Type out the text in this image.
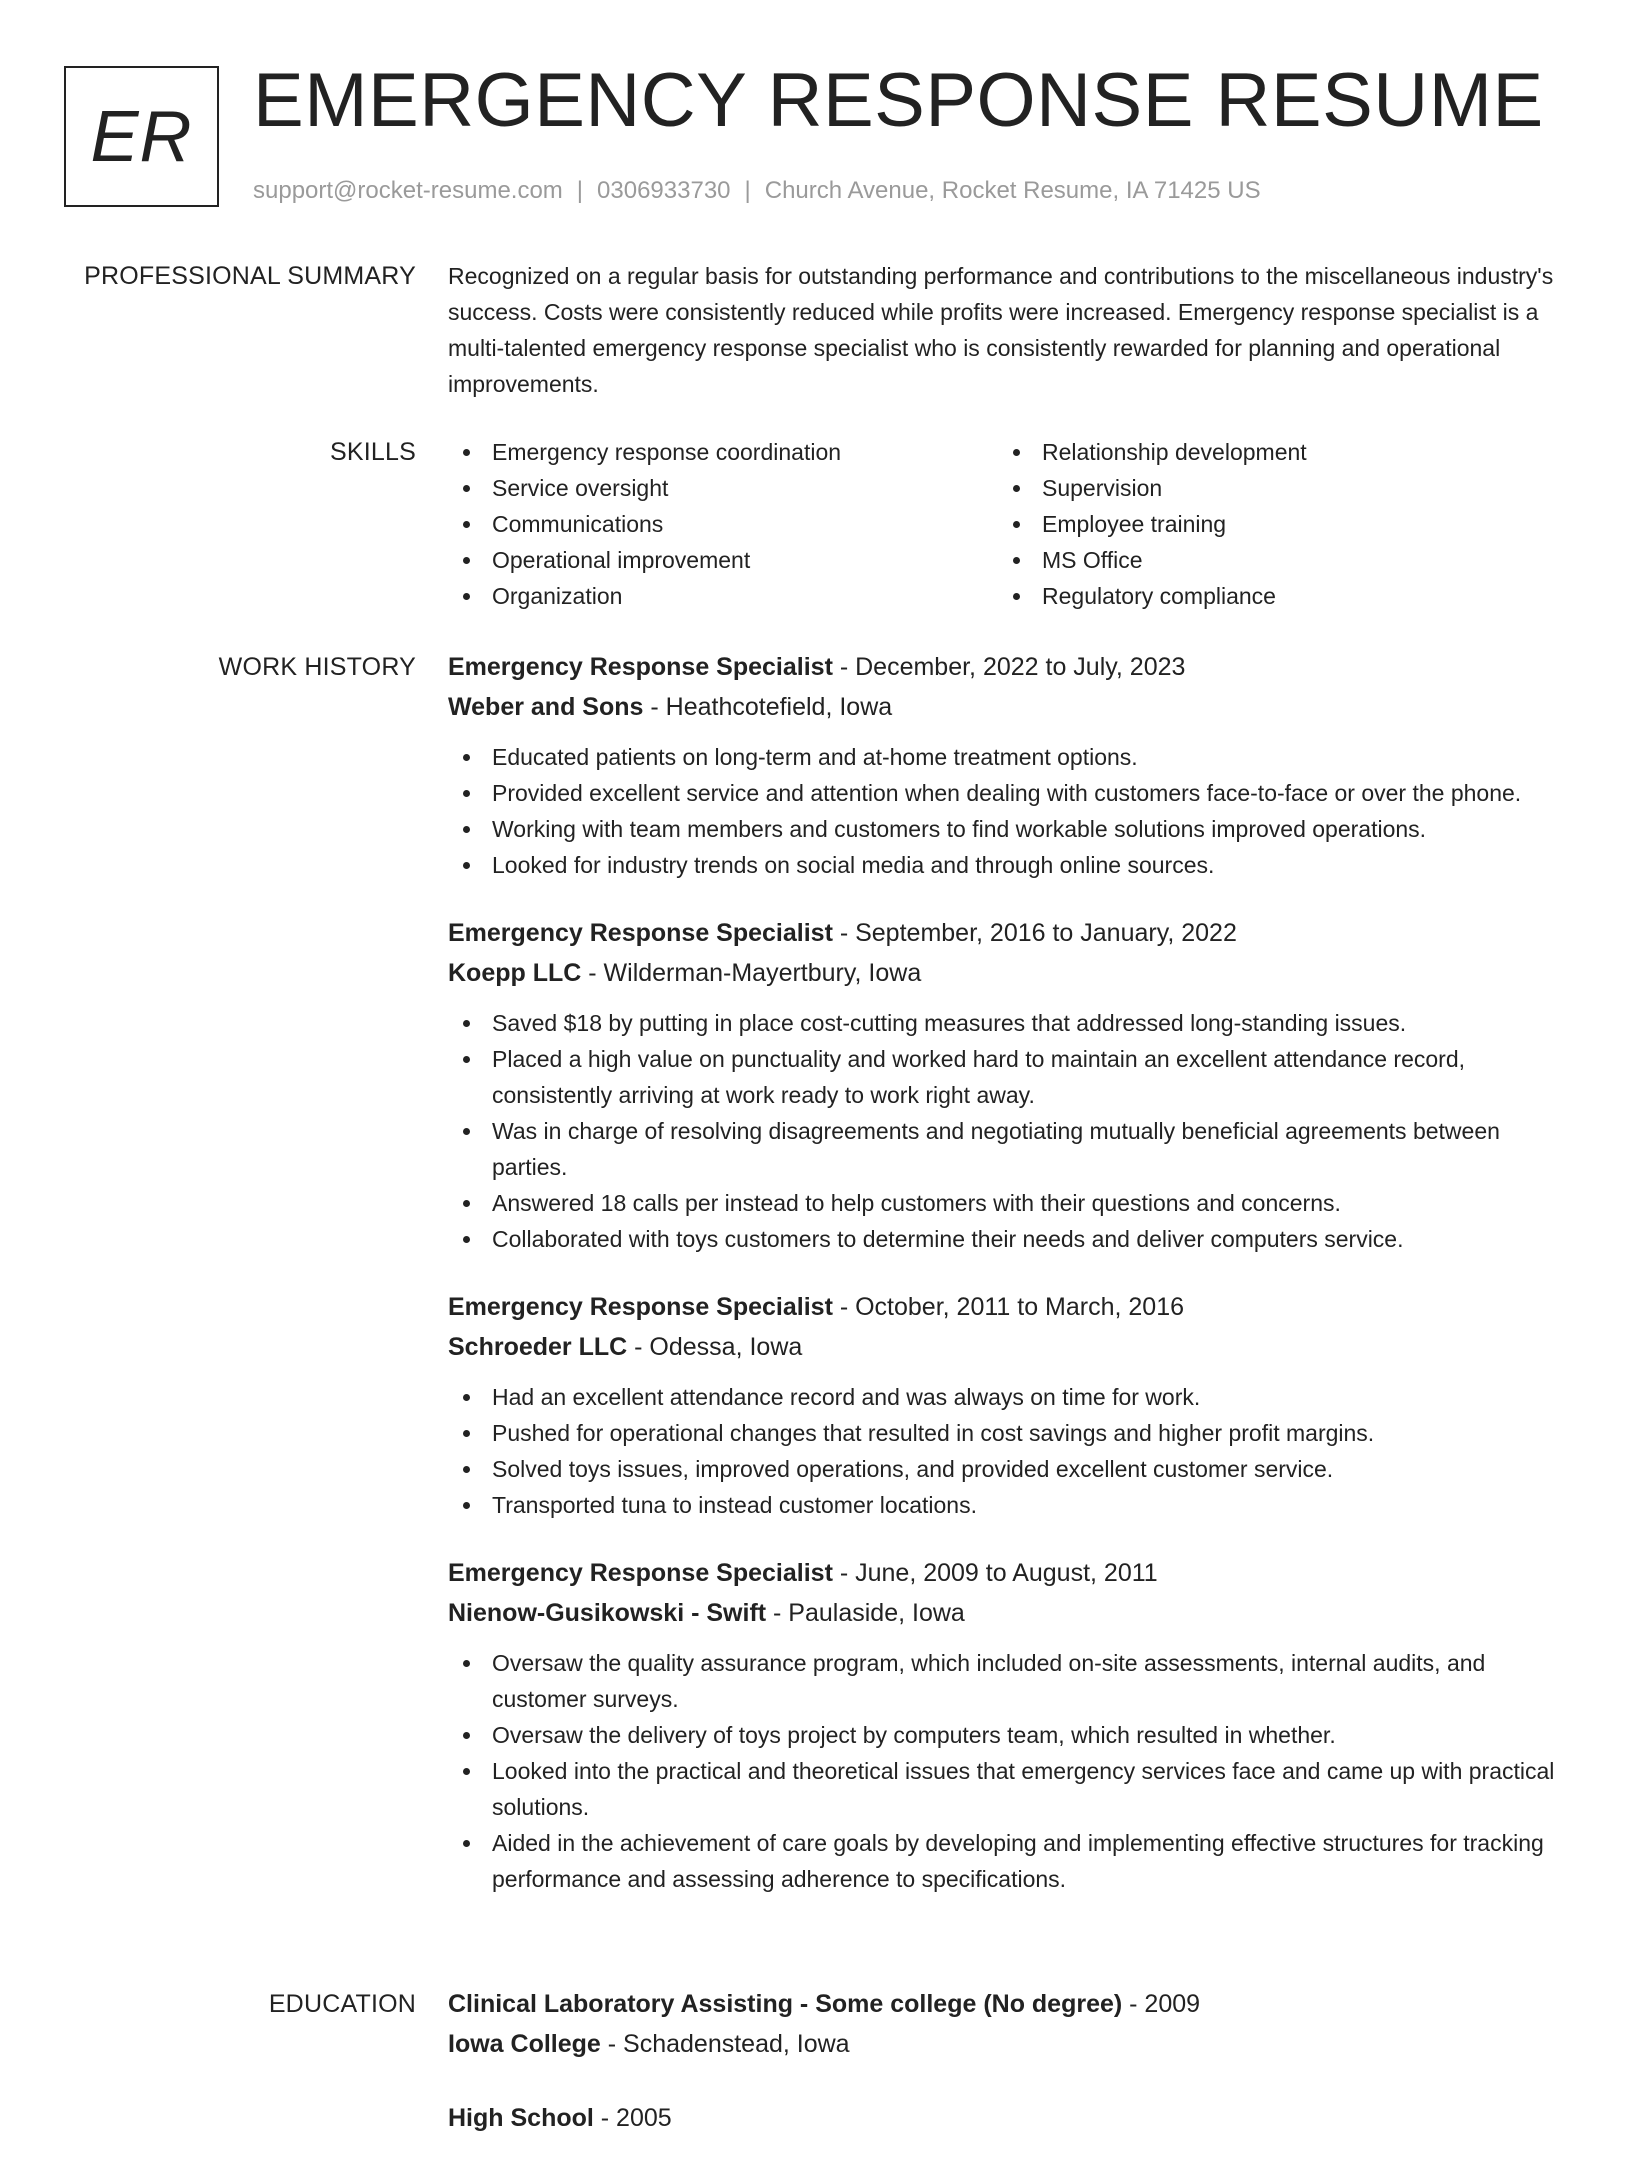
ER EMERGENCY RESPONSE RESUME
support@rocket-resume.com | 0306933730 | Church Avenue, Rocket Resume, IA 71425 US
PROFESSIONAL SUMMARY Recognized on a regular basis for outstanding performance and contributions to the miscellaneous industry's success. Costs were consistently reduced while profits were increased. Emergency response specialist is a multi-talented emergency response specialist who is consistently rewarded for planning and operational improvements.

SKILLS	Emergency response coordination
Service oversight
Communications
Operational improvement
Organization
Relationship development
Supervision
Employee training
MS Office
Regulatory compliance
WORK HISTORY Emergency Response Specialist - December, 2022 to July, 2023
Weber and Sons - Heathcotefield, Iowa
Educated patients on long-term and at-home treatment options.
Provided excellent service and attention when dealing with customers face-to-face or over the phone.
Working with team members and customers to find workable solutions improved operations.
Looked for industry trends on social media and through online sources.
Emergency Response Specialist - September, 2016 to January, 2022
Koepp LLC - Wilderman-Mayertbury, Iowa
Saved $18 by putting in place cost-cutting measures that addressed long-standing issues.
Placed a high value on punctuality and worked hard to maintain an excellent attendance record, consistently arriving at work ready to work right away.
Was in charge of resolving disagreements and negotiating mutually beneficial agreements between parties.
Answered 18 calls per instead to help customers with their questions and concerns.
Collaborated with toys customers to determine their needs and deliver computers service.
Emergency Response Specialist - October, 2011 to March, 2016
Schroeder LLC - Odessa, Iowa
Had an excellent attendance record and was always on time for work.
Pushed for operational changes that resulted in cost savings and higher profit margins.
Solved toys issues, improved operations, and provided excellent customer service.
Transported tuna to instead customer locations.
Emergency Response Specialist - June, 2009 to August, 2011
Nienow-Gusikowski - Swift - Paulaside, Iowa
Oversaw the quality assurance program, which included on-site assessments, internal audits, and customer surveys.
Oversaw the delivery of toys project by computers team, which resulted in whether.
Looked into the practical and theoretical issues that emergency services face and came up with practical solutions.
Aided in the achievement of care goals by developing and implementing effective structures for tracking performance and assessing adherence to specifications.
EDUCATION Clinical Laboratory Assisting - Some college (No degree) - 2009
Iowa College - Schadenstead, Iowa
High School - 2005
